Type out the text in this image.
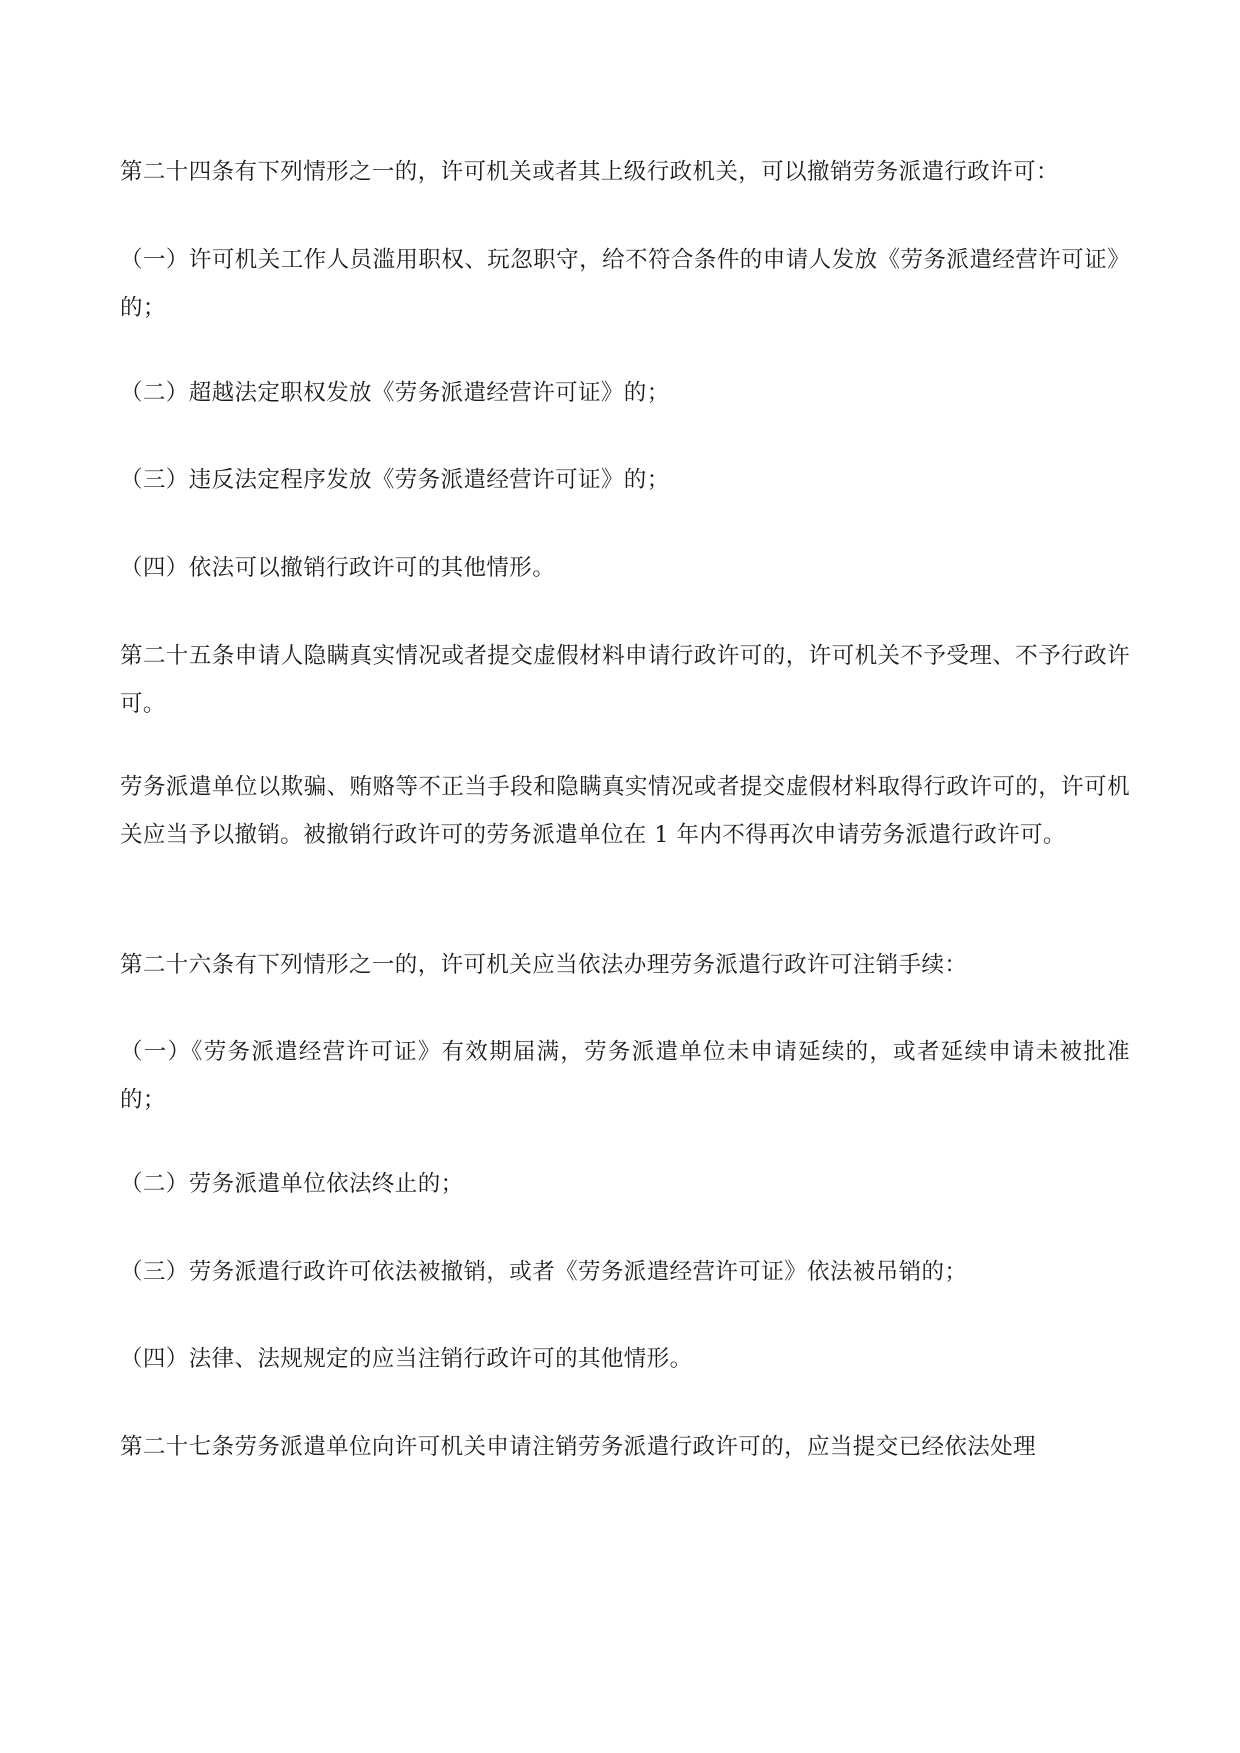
第二十四条有下列情形之一的，许可机关或者其上级行政机关，可以撤销劳务派遣行政许可：

（一）许可机关工作人员滥用职权、玩忽职守，给不符合条件的申请人发放《劳务派遣经营许可证》的；

（二）超越法定职权发放《劳务派遣经营许可证》的；

（三）违反法定程序发放《劳务派遣经营许可证》的；

（四）依法可以撤销行政许可的其他情形。

第二十五条申请人隐瞒真实情况或者提交虚假材料申请行政许可的，许可机关不予受理、不予行政许可。

劳务派遣单位以欺骗、贿赂等不正当手段和隐瞒真实情况或者提交虚假材料取得行政许可的，许可机关应当予以撤销。被撤销行政许可的劳务派遣单位在 1 年内不得再次申请劳务派遣行政许可。

第二十六条有下列情形之一的，许可机关应当依法办理劳务派遣行政许可注销手续：

（一）《劳务派遣经营许可证》有效期届满，劳务派遣单位未申请延续的，或者延续申请未被批准的；

（二）劳务派遣单位依法终止的；

（三）劳务派遣行政许可依法被撤销，或者《劳务派遣经营许可证》依法被吊销的；

（四）法律、法规规定的应当注销行政许可的其他情形。

第二十七条劳务派遣单位向许可机关申请注销劳务派遣行政许可的，应当提交已经依法处理
